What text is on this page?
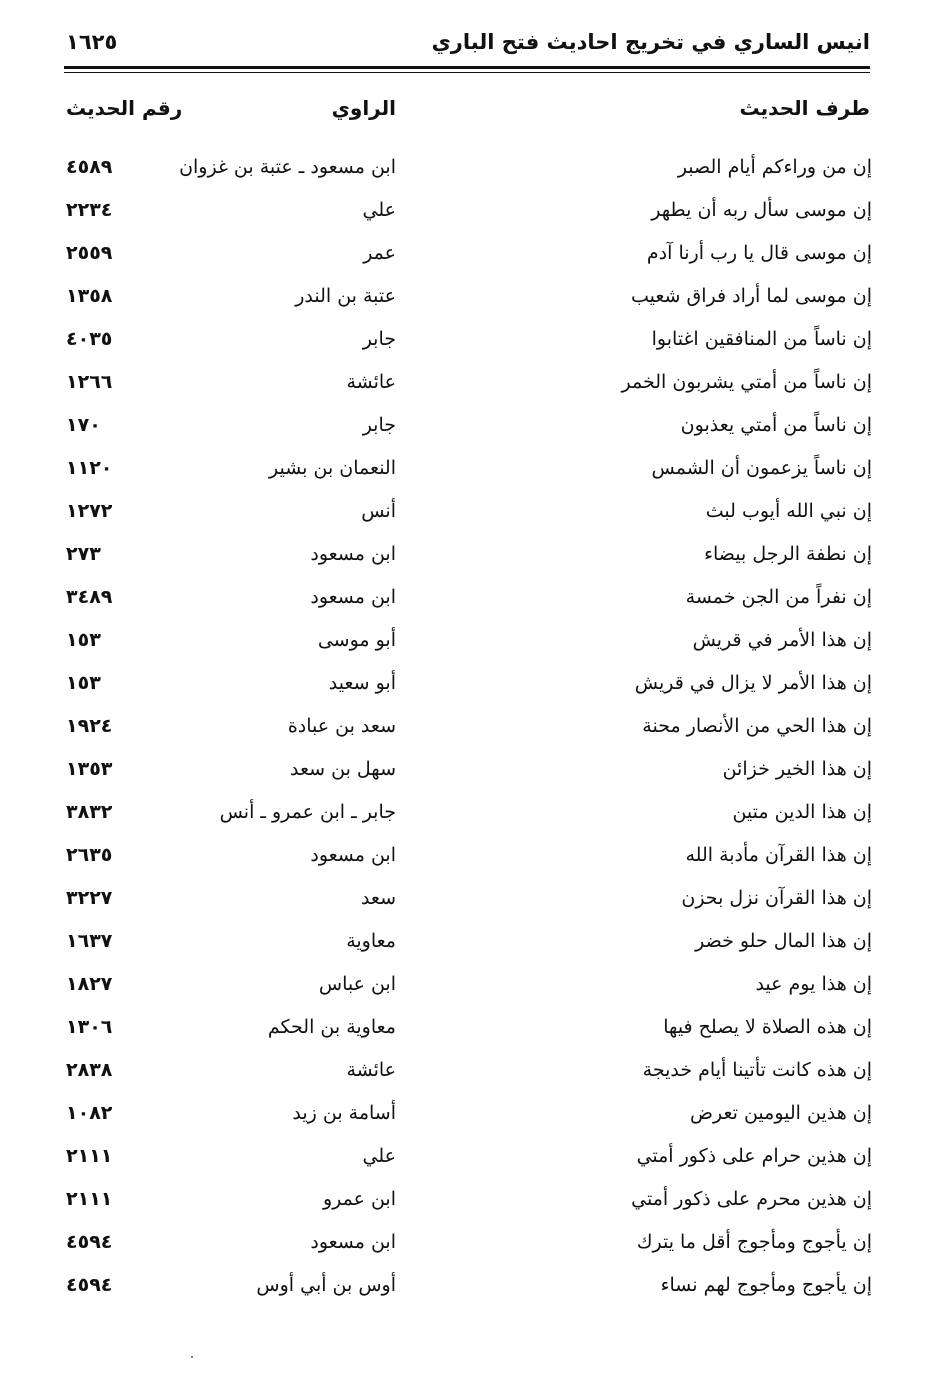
انيس الساري في تخريج احاديث فتح الباري
١٦٢٥
طرف الحديث
الراوي
رقم الحديث
إن من وراءكم أيام الصبر
ابن مسعود ـ عتبة بن غزوان
٤٥٨٩
إن موسى سأل ربه أن يطهر
علي
٢٢٣٤
إن موسى قال يا رب أرنا آدم
عمر
٢٥٥٩
إن موسى لما أراد فراق شعيب
عتبة بن الندر
١٣٥٨
إن ناساً من المنافقين اغتابوا
جابر
٤٠٣٥
إن ناساً من أمتي يشربون الخمر
عائشة
١٢٦٦
إن ناساً من أمتي يعذبون
جابر
١٧٠
إن ناساً يزعمون أن الشمس
النعمان بن بشير
١١٢٠
إن نبي الله أيوب لبث
أنس
١٢٧٢
إن نطفة الرجل بيضاء
ابن مسعود
٢٧٣
إن نفراً من الجن خمسة
ابن مسعود
٣٤٨٩
إن هذا الأمر في قريش
أبو موسى
١٥٣
إن هذا الأمر لا يزال في قريش
أبو سعيد
١٥٣
إن هذا الحي من الأنصار محنة
سعد بن عبادة
١٩٢٤
إن هذا الخير خزائن
سهل بن سعد
١٣٥٣
إن هذا الدين متين
جابر ـ ابن عمرو ـ أنس
٣٨٣٢
إن هذا القرآن مأدبة الله
ابن مسعود
٢٦٣٥
إن هذا القرآن نزل بحزن
سعد
٣٢٢٧
إن هذا المال حلو خضر
معاوية
١٦٣٧
إن هذا يوم عيد
ابن عباس
١٨٢٧
إن هذه الصلاة لا يصلح فيها
معاوية بن الحكم
١٣٠٦
إن هذه كانت تأتينا أيام خديجة
عائشة
٢٨٣٨
إن هذين اليومين تعرض
أسامة بن زيد
١٠٨٢
إن هذين حرام على ذكور أمتي
علي
٢١١١
إن هذين محرم على ذكور أمتي
ابن عمرو
٢١١١
إن يأجوج ومأجوج أقل ما يترك
ابن مسعود
٤٥٩٤
إن يأجوج ومأجوج لهم نساء
أوس بن أبي أوس
٤٥٩٤
